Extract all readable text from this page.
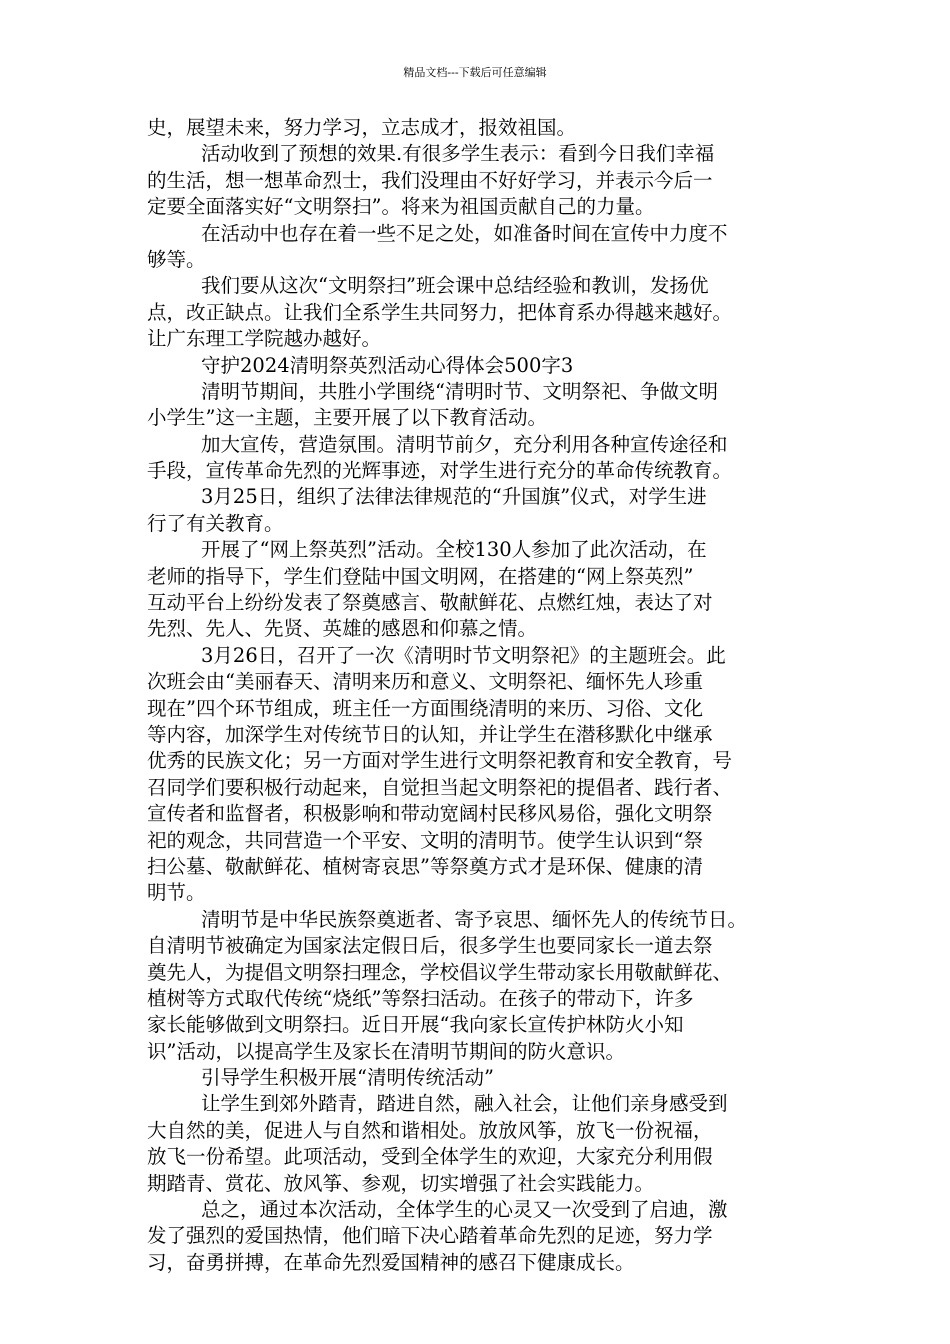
精品文档---下载后可任意编辑
史，展望未来，努力学习，立志成才，报效祖国。
活动收到了预想的效果.有很多学生表示：看到今日我们幸福
的生活，想一想革命烈士，我们没理由不好好学习，并表示今后一
定要全面落实好“文明祭扫”。将来为祖国贡献自己的力量。
在活动中也存在着一些不足之处，如准备时间在宣传中力度不
够等。
我们要从这次“文明祭扫”班会课中总结经验和教训，发扬优
点，改正缺点。让我们全系学生共同努力，把体育系办得越来越好。
让广东理工学院越办越好。
守护2024清明祭英烈活动心得体会500字3
清明节期间，共胜小学围绕“清明时节、文明祭祀、争做文明
小学生”这一主题，主要开展了以下教育活动。
加大宣传，营造氛围。清明节前夕，充分利用各种宣传途径和
手段，宣传革命先烈的光辉事迹，对学生进行充分的革命传统教育。
3月25日，组织了法律法律规范的“升国旗”仪式，对学生进
行了有关教育。
开展了“网上祭英烈”活动。全校130人参加了此次活动，在
老师的指导下，学生们登陆中国文明网，在搭建的“网上祭英烈”
互动平台上纷纷发表了祭奠感言、敬献鲜花、点燃红烛，表达了对
先烈、先人、先贤、英雄的感恩和仰慕之情。
3月26日，召开了一次《清明时节文明祭祀》的主题班会。此
次班会由“美丽春天、清明来历和意义、文明祭祀、缅怀先人珍重
现在”四个环节组成，班主任一方面围绕清明的来历、习俗、文化
等内容，加深学生对传统节日的认知，并让学生在潜移默化中继承
优秀的民族文化；另一方面对学生进行文明祭祀教育和安全教育，号
召同学们要积极行动起来，自觉担当起文明祭祀的提倡者、践行者、
宣传者和监督者，积极影响和带动宽阔村民移风易俗，强化文明祭
祀的观念，共同营造一个平安、文明的清明节。使学生认识到“祭
扫公墓、敬献鲜花、植树寄哀思”等祭奠方式才是环保、健康的清
明节。
清明节是中华民族祭奠逝者、寄予哀思、缅怀先人的传统节日。
自清明节被确定为国家法定假日后，很多学生也要同家长一道去祭
奠先人，为提倡文明祭扫理念，学校倡议学生带动家长用敬献鲜花、
植树等方式取代传统“烧纸”等祭扫活动。在孩子的带动下，许多
家长能够做到文明祭扫。近日开展“我向家长宣传护林防火小知
识”活动，以提高学生及家长在清明节期间的防火意识。
引导学生积极开展“清明传统活动”
让学生到郊外踏青，踏进自然，融入社会，让他们亲身感受到
大自然的美，促进人与自然和谐相处。放放风筝，放飞一份祝福，
放飞一份希望。此项活动，受到全体学生的欢迎，大家充分利用假
期踏青、赏花、放风筝、参观，切实增强了社会实践能力。
总之，通过本次活动，全体学生的心灵又一次受到了启迪，激
发了强烈的爱国热情，他们暗下决心踏着革命先烈的足迹，努力学
习，奋勇拼搏，在革命先烈爱国精神的感召下健康成长。
